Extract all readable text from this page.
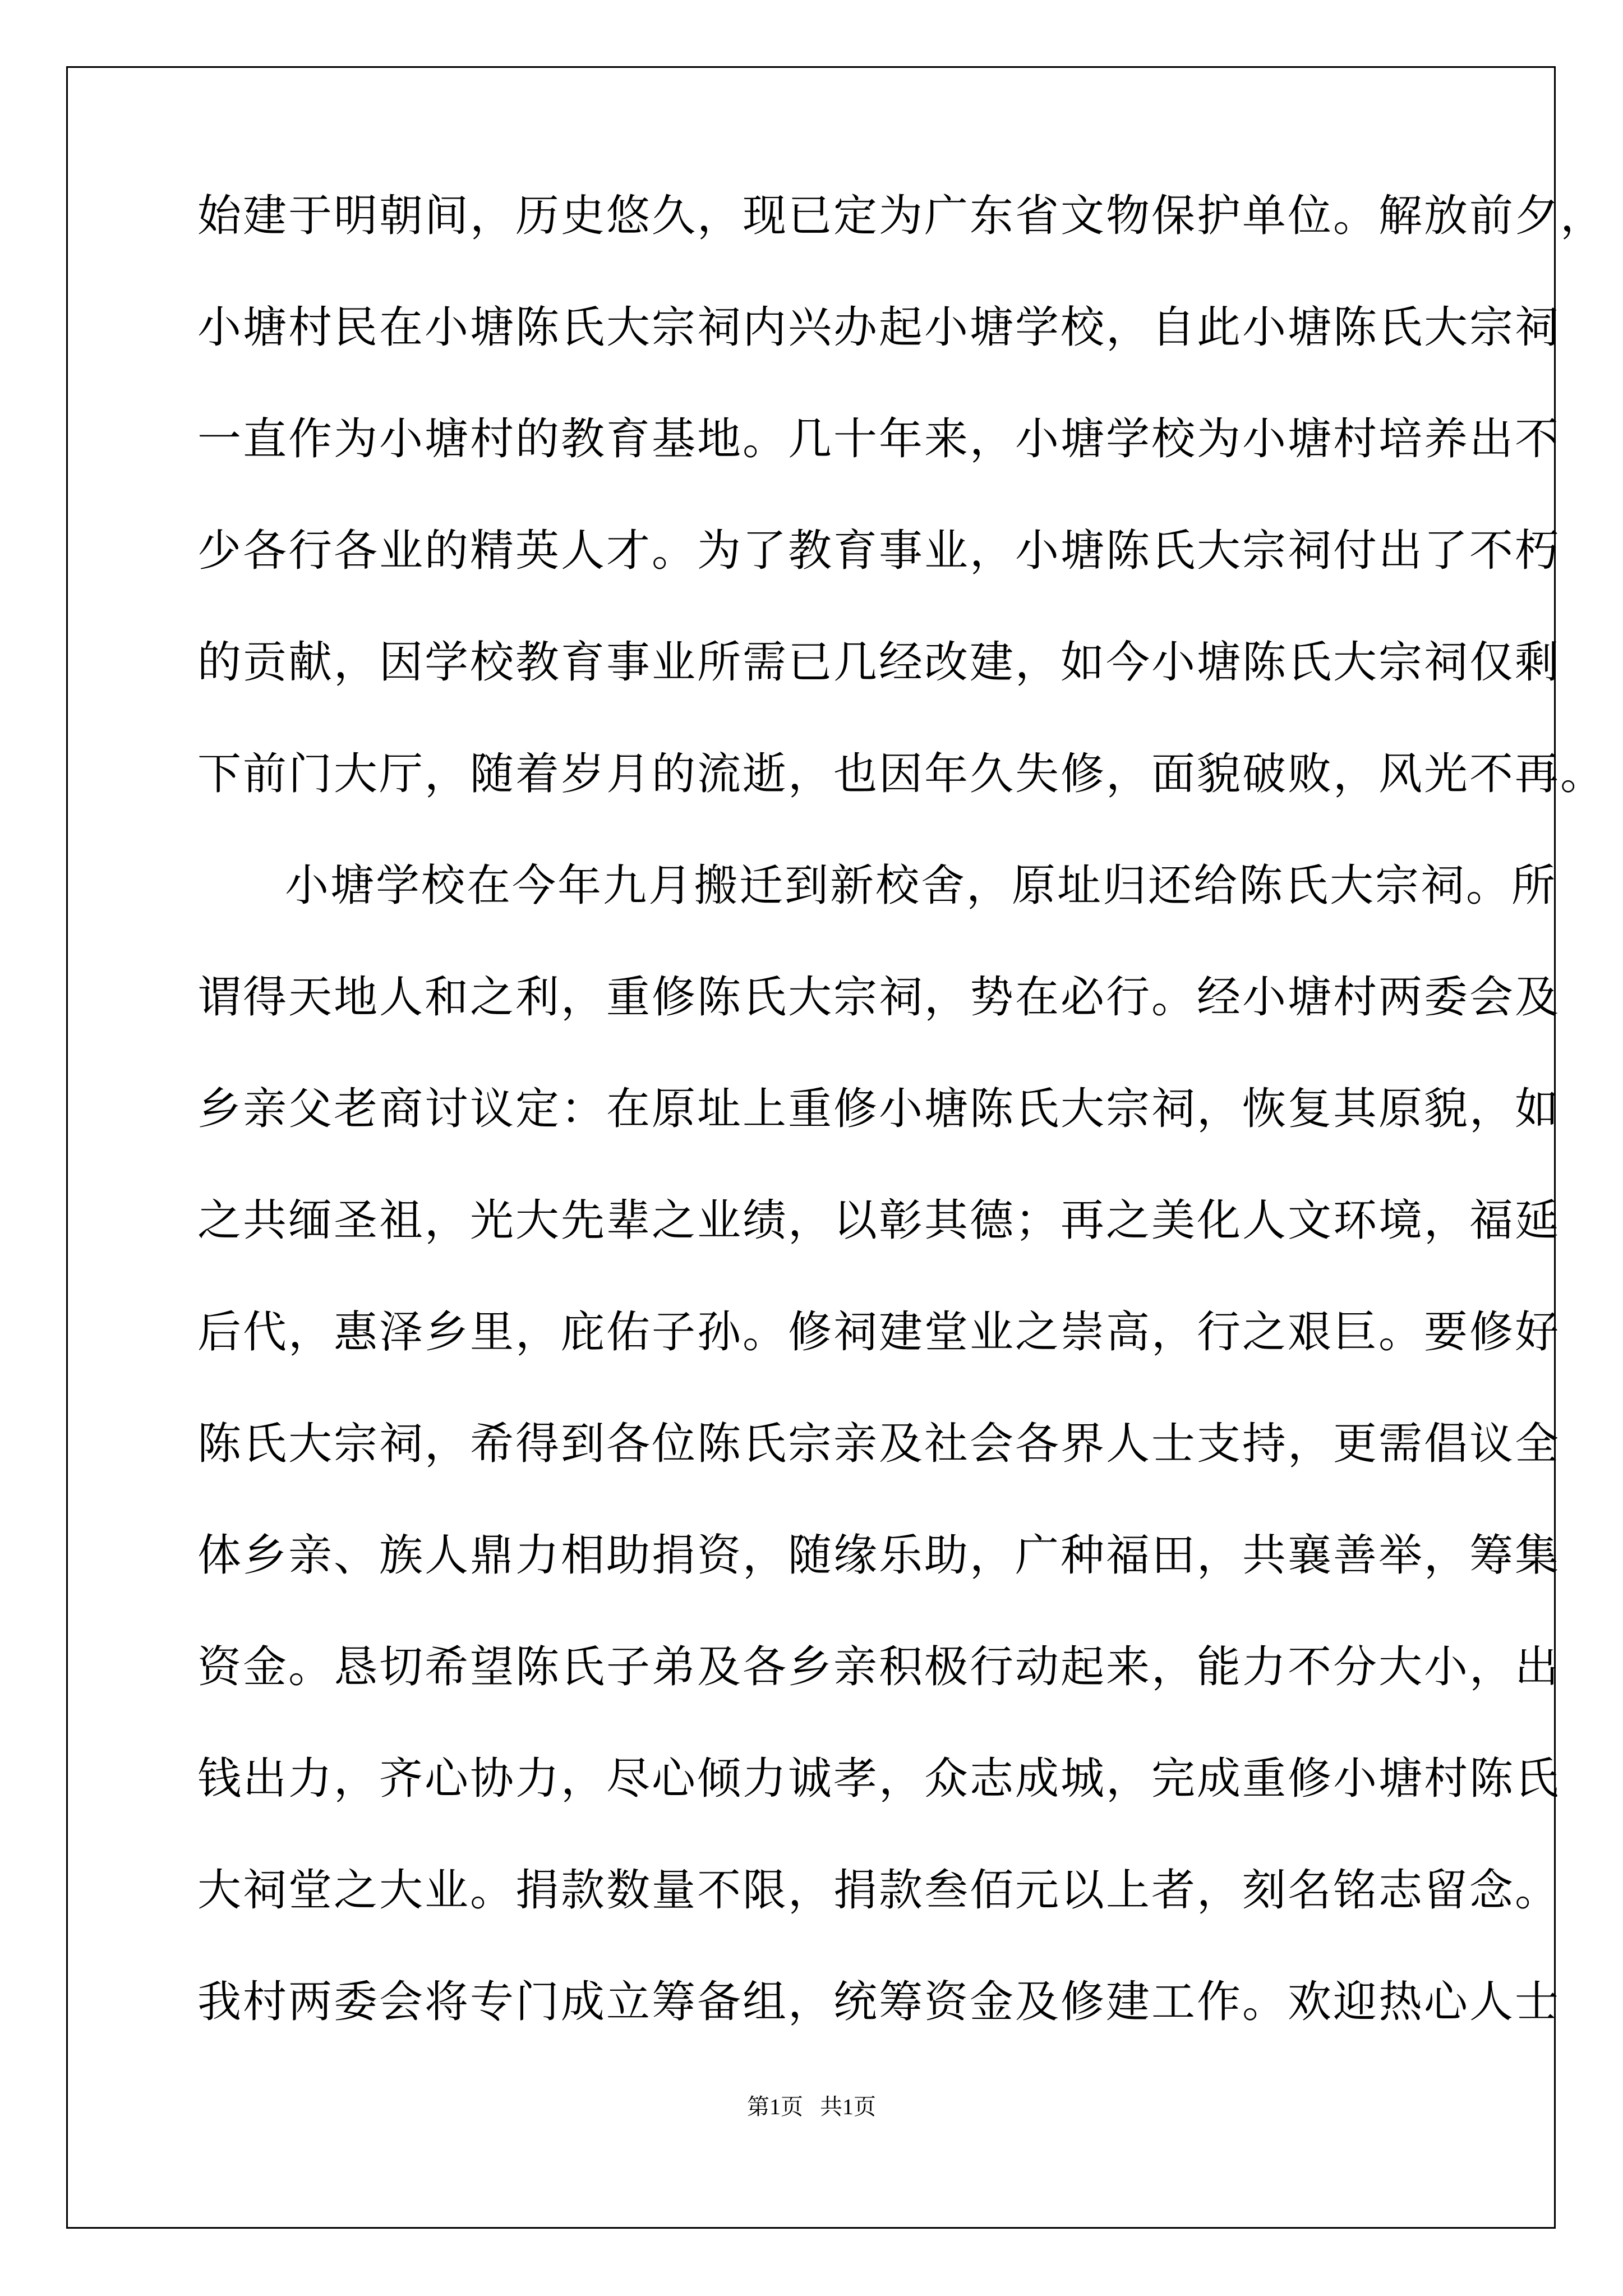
始建于明朝间，历史悠久，现已定为广东省文物保护单位。解放前夕，
小塘村民在小塘陈氏大宗祠内兴办起小塘学校，自此小塘陈氏大宗祠
一直作为小塘村的教育基地。几十年来，小塘学校为小塘村培养出不
少各行各业的精英人才。为了教育事业，小塘陈氏大宗祠付出了不朽
的贡献，因学校教育事业所需已几经改建，如今小塘陈氏大宗祠仅剩
下前门大厅，随着岁月的流逝，也因年久失修，面貌破败，风光不再。
小塘学校在今年九月搬迁到新校舍，原址归还给陈氏大宗祠。所
谓得天地人和之利，重修陈氏大宗祠，势在必行。经小塘村两委会及
乡亲父老商讨议定：在原址上重修小塘陈氏大宗祠，恢复其原貌，如
之共缅圣祖，光大先辈之业绩，以彰其德；再之美化人文环境，福延
后代，惠泽乡里，庇佑子孙。修祠建堂业之崇高，行之艰巨。要修好
陈氏大宗祠，希得到各位陈氏宗亲及社会各界人士支持，更需倡议全
体乡亲、族人鼎力相助捐资，随缘乐助，广种福田，共襄善举，筹集
资金。恳切希望陈氏子弟及各乡亲积极行动起来，能力不分大小，出
钱出力，齐心协力，尽心倾力诚孝，众志成城，完成重修小塘村陈氏
大祠堂之大业。捐款数量不限，捐款叁佰元以上者，刻名铭志留念。
我村两委会将专门成立筹备组，统筹资金及修建工作。欢迎热心人士
第1页   共1页
